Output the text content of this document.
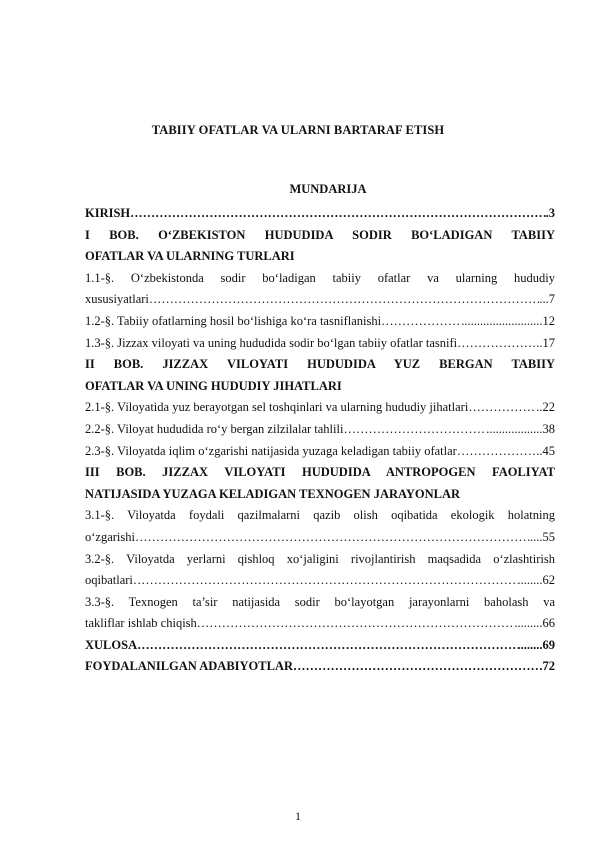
TABIIY OFATLAR VA ULARNI BARTARAF ETISH
MUNDARIJA
KIRISH ……………………………………………………………………………………………………………………………………………………………………………………	.3
I BOB. O‘ZBEKISTON HUDUDIDA SODIR BO‘LADIGAN TABIIY
OFATLAR VA ULARNING TURLARI
1.1-§. O‘zbekistonda sodir bo‘ladigan tabiiy ofatlar va ularning hududiy
xususiyatlari ……………………………………………………………………………………………………………………………………………………………………………………	...7
1.2-§. Tabiiy ofatlarning hosil bo‘lishiga ko‘ra tasniflanishi ……………………………………………………………………………………………………………………………………………………………………………………	..........................12
1.3-§. Jizzax viloyati va uning hududida sodir bo‘lgan tabiiy ofatlar tasnifi ……………………………………………………………………………………………………………………………………………………………………………………	..17
II BOB. JIZZAX VILOYATI HUDUDIDA YUZ BERGAN TABIIY
OFATLAR VA UNING HUDUDIY JIHATLARI
2.1-§. Viloyatida yuz berayotgan sel toshqinlari va ularning hududiy jihatlari ……………………………………………………………………………………………………………………………………………………………………………………	..22
2.2-§. Viloyat hududida ro‘y bergan zilzilalar tahlili ……………………………………………………………………………………………………………………………………………………………………………………	..................38
2.3-§. Viloyatda iqlim o‘zgarishi natijasida yuzaga keladigan tabiiy ofatlar ……………………………………………………………………………………………………………………………………………………………………………………	..45
III BOB. JIZZAX VILOYATI HUDUDIDA ANTROPOGEN FAOLIYAT
NATIJASIDA YUZAGA KELADIGAN TEXNOGEN JARAYONLAR
3.1-§. Viloyatda foydali qazilmalarni qazib olish oqibatida ekologik holatning
o‘zgarishi ……………………………………………………………………………………………………………………………………………………………………………………	....55
3.2-§. Viloyatda yerlarni qishloq xo‘jaligini rivojlantirish maqsadida o‘zlashtirish
oqibatlari ……………………………………………………………………………………………………………………………………………………………………………………	........62
3.3-§. Texnogen ta’sir natijasida sodir bo‘layotgan jarayonlarni baholash va
takliflar ishlab chiqish ……………………………………………………………………………………………………………………………………………………………………………………	.........66
XULOSA ……………………………………………………………………………………………………………………………………………………………………………………	........69
FOYDALANILGAN ADABIYOTLAR ……………………………………………………………………………………………………………………………………………………………………………………	72
1
